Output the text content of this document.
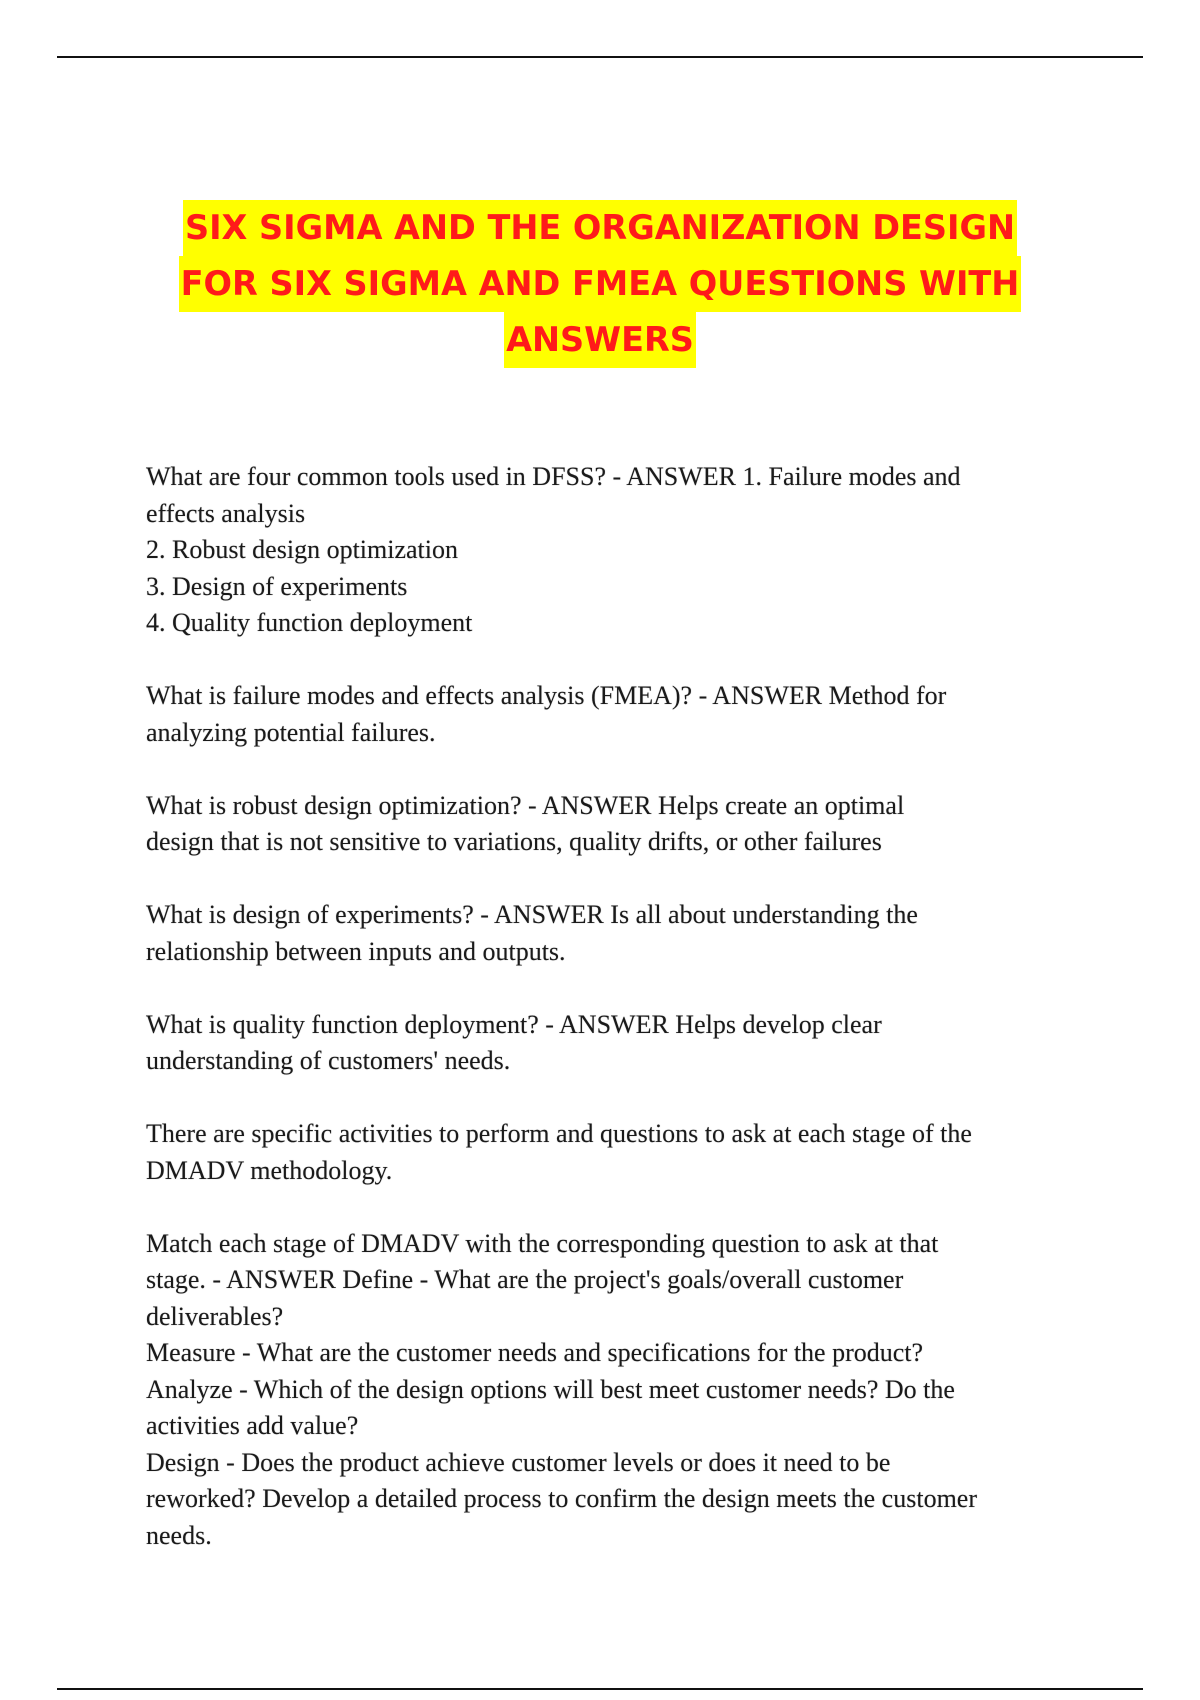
SIX SIGMA AND THE ORGANIZATION DESIGN
FOR SIX SIGMA AND FMEA QUESTIONS WITH
ANSWERS
What are four common tools used in DFSS? - ANSWER 1. Failure modes and
effects analysis
2. Robust design optimization
3. Design of experiments
4. Quality function deployment
What is failure modes and effects analysis (FMEA)? - ANSWER Method for
analyzing potential failures.
What is robust design optimization? - ANSWER Helps create an optimal
design that is not sensitive to variations, quality drifts, or other failures
What is design of experiments? - ANSWER Is all about understanding the
relationship between inputs and outputs.
What is quality function deployment? - ANSWER Helps develop clear
understanding of customers' needs.
There are specific activities to perform and questions to ask at each stage of the
DMADV methodology.
Match each stage of DMADV with the corresponding question to ask at that
stage. - ANSWER Define - What are the project's goals/overall customer
deliverables?
Measure - What are the customer needs and specifications for the product?
Analyze - Which of the design options will best meet customer needs? Do the
activities add value?
Design - Does the product achieve customer levels or does it need to be
reworked? Develop a detailed process to confirm the design meets the customer
needs.
